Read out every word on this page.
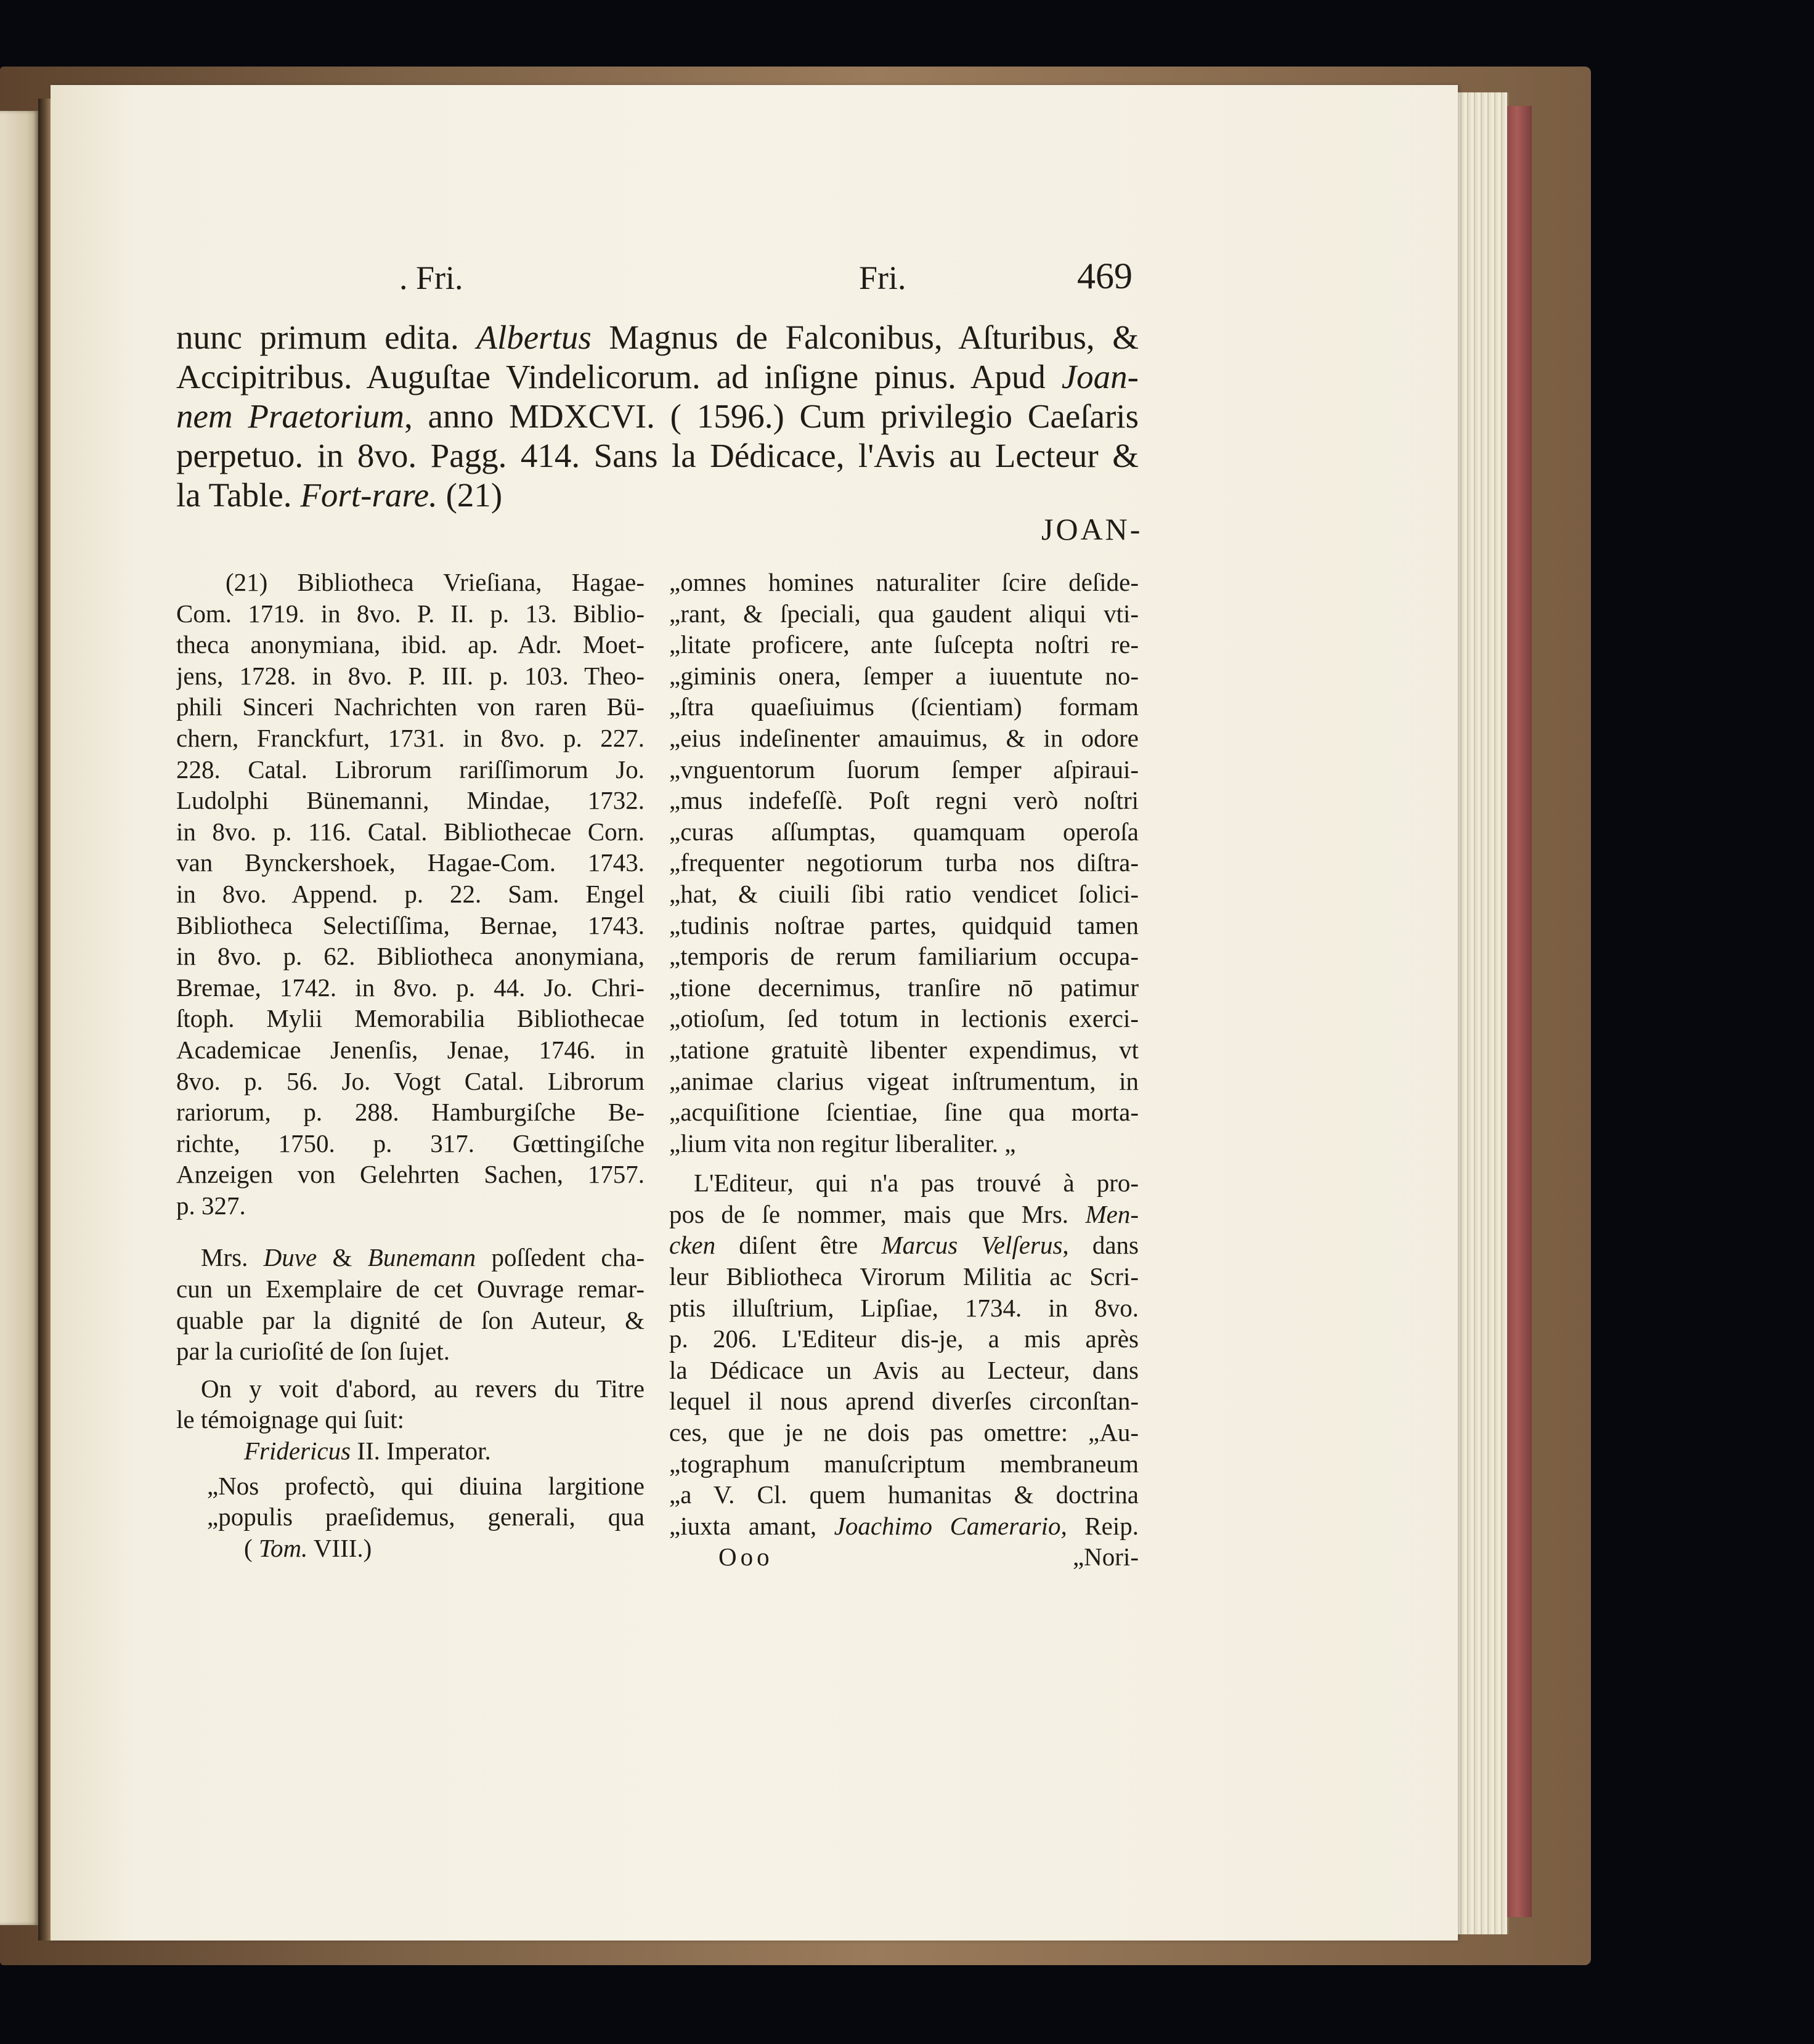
. Fri.	Fri.	469
nunc primum edita. Albertus Magnus de Falconibus, Aſturibus, &
Accipitribus. Auguſtae Vindelicorum. ad inſigne pinus. Apud Joan-
nem Praetorium, anno MDXCVI. ( 1596.) Cum privilegio Caeſaris
perpetuo. in 8vo. Pagg. 414. Sans la Dédicace, l'Avis au Lecteur &
la Table. Fort-rare. (21)
JOAN-
(21) Bibliotheca Vrieſiana, Hagae-
Com. 1719. in 8vo. P. II. p. 13. Biblio-
theca anonymiana, ibid. ap. Adr. Moet-
jens, 1728. in 8vo. P. III. p. 103. Theo-
phili Sinceri Nachrichten von raren Bü-
chern, Franckfurt, 1731. in 8vo. p. 227.
228. Catal. Librorum rariſſimorum Jo.
Ludolphi Bünemanni, Mindae, 1732.
in 8vo. p. 116. Catal. Bibliothecae Corn.
van Bynckershoek, Hagae-Com. 1743.
in 8vo. Append. p. 22. Sam. Engel
Bibliotheca Selectiſſima, Bernae, 1743.
in 8vo. p. 62. Bibliotheca anonymiana,
Bremae, 1742. in 8vo. p. 44. Jo. Chri-
ſtoph. Mylii Memorabilia Bibliothecae
Academicae Jenenſis, Jenae, 1746. in
8vo. p. 56. Jo. Vogt Catal. Librorum
rariorum, p. 288. Hamburgiſche Be-
richte, 1750. p. 317. Gœttingiſche
Anzeigen von Gelehrten Sachen, 1757.
p. 327.
Mrs. Duve & Bunemann poſſedent cha-
cun un Exemplaire de cet Ouvrage remar-
quable par la dignité de ſon Auteur, &
par la curioſité de ſon ſujet.
On y voit d'abord, au revers du Titre
le témoignage qui ſuit:
Fridericus II. Imperator.
„Nos profectò, qui diuina largitione
„populis praeſidemus, generali, qua
( Tom. VIII.)
„omnes homines naturaliter ſcire deſide-
„rant, & ſpeciali, qua gaudent aliqui vti-
„litate proficere, ante ſuſcepta noſtri re-
„giminis onera, ſemper a iuuentute no-
„ſtra quaeſiuimus (ſcientiam) formam
„eius indeſinenter amauimus, & in odore
„vnguentorum ſuorum ſemper aſpiraui-
„mus indefeſſè. Poſt regni verò noſtri
„curas aſſumptas, quamquam operoſa
„frequenter negotiorum turba nos diſtra-
„hat, & ciuili ſibi ratio vendicet ſolici-
„tudinis noſtrae partes, quidquid tamen
„temporis de rerum familiarium occupa-
„tione decernimus, tranſire nō patimur
„otioſum, ſed totum in lectionis exerci-
„tatione gratuitè libenter expendimus, vt
„animae clarius vigeat inſtrumentum, in
„acquiſitione ſcientiae, ſine qua morta-
„lium vita non regitur liberaliter. „
L'Editeur, qui n'a pas trouvé à pro-
pos de ſe nommer, mais que Mrs. Men-
cken diſent être Marcus Velſerus, dans
leur Bibliotheca Virorum Militia ac Scri-
ptis illuſtrium, Lipſiae, 1734. in 8vo.
p. 206. L'Editeur dis-je, a mis après
la Dédicace un Avis au Lecteur, dans
lequel il nous aprend diverſes circonſtan-
ces, que je ne dois pas omettre: „Au-
„tographum manuſcriptum membraneum
„a V. Cl. quem humanitas & doctrina
„iuxta amant, Joachimo Camerario, Reip.
Ooo	„Nori-
